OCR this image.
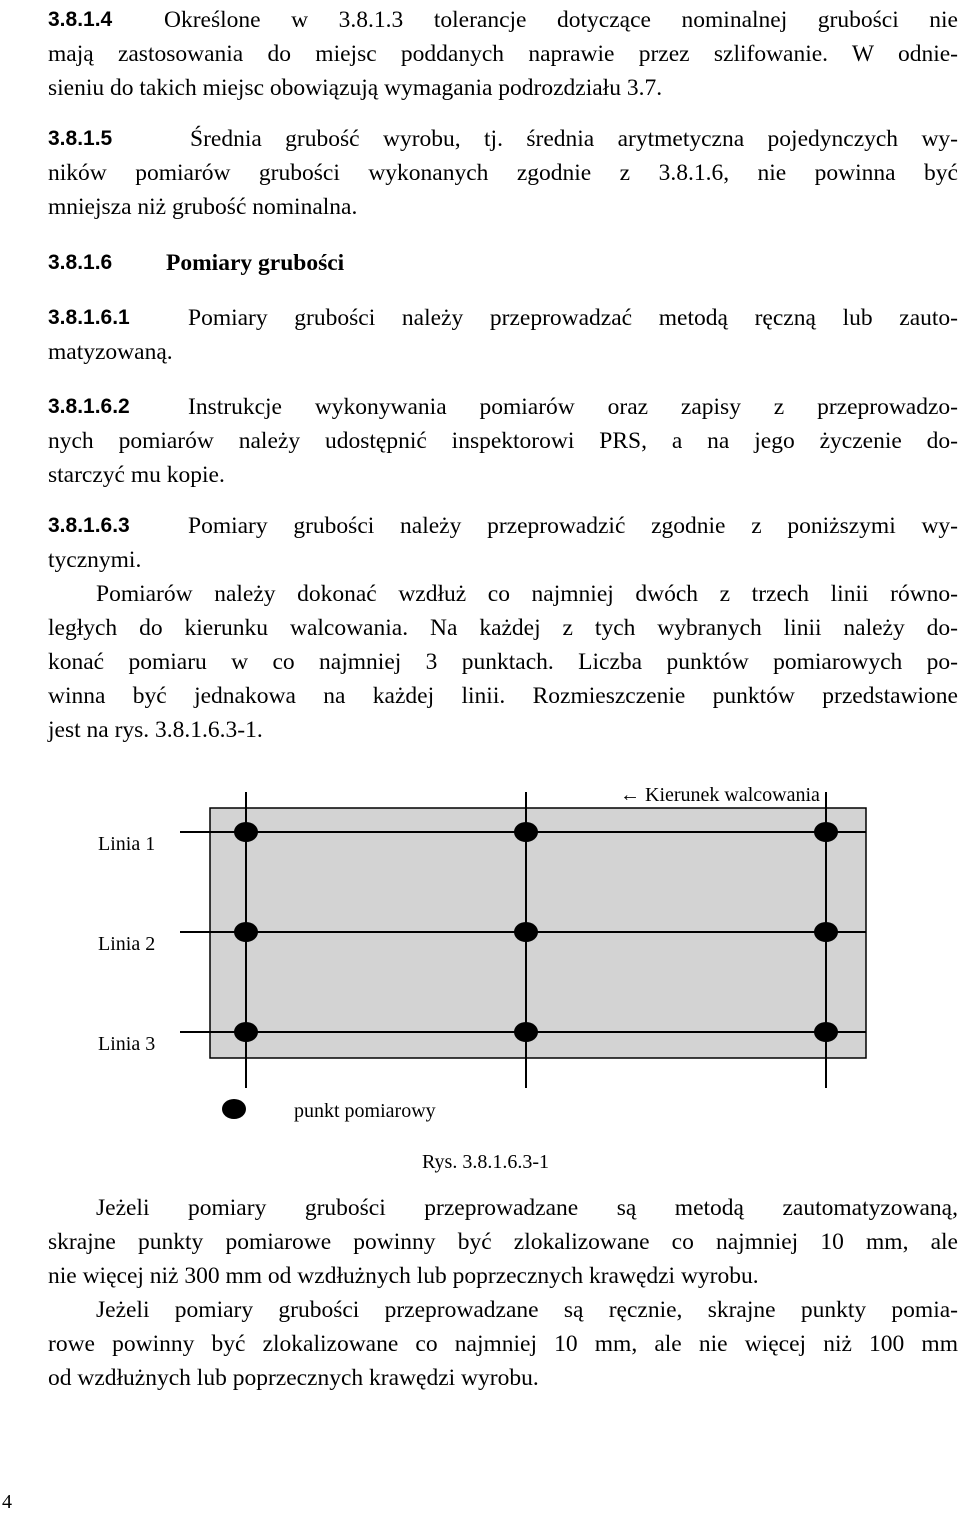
3.8.1.4 Określone w 3.8.1.3 tolerancje dotyczące nominalnej grubości nie
mają zastosowania do miejsc poddanych naprawie przez szlifowanie. W odnie-
sieniu do takich miejsc obowiązują wymagania podrozdziału 3.7.
3.8.1.5	Średnia grubość wyrobu, tj. średnia arytmetyczna pojedynczych wy-
ników pomiarów grubości wykonanych zgodnie z 3.8.1.6, nie powinna być
mniejsza niż grubość nominalna.
3.8.1.6 Pomiary grubości
3.8.1.6.1 Pomiary grubości należy przeprowadzać metodą ręczną lub zauto-
matyzowaną.
3.8.1.6.2 Instrukcje wykonywania pomiarów oraz zapisy z przeprowadzo-
nych pomiarów należy udostępnić inspektorowi PRS, a na jego życzenie do-
starczyć mu kopie.
3.8.1.6.3 Pomiary grubości należy przeprowadzić zgodnie z poniższymi wy-
tycznymi.
Pomiarów należy dokonać wzdłuż co najmniej dwóch z trzech linii równo-
ległych do kierunku walcowania. Na każdej z tych wybranych linii należy do-
konać pomiaru w co najmniej 3 punktach. Liczba punktów pomiarowych po-
winna być jednakowa na każdej linii. Rozmieszczenie punktów przedstawione
jest na rys. 3.8.1.6.3-1.
← Kierunek walcowania
Linia 1
Linia 2
Linia 3
punkt pomiarowy
Rys. 3.8.1.6.3-1
Jeżeli pomiary grubości przeprowadzane są metodą zautomatyzowaną,
skrajne punkty pomiarowe powinny być zlokalizowane co najmniej 10 mm, ale
nie więcej niż 300 mm od wzdłużnych lub poprzecznych krawędzi wyrobu.
Jeżeli pomiary grubości przeprowadzane są ręcznie, skrajne punkty pomia-
rowe powinny być zlokalizowane co najmniej 10 mm, ale nie więcej niż 100 mm
od wzdłużnych lub poprzecznych krawędzi wyrobu.
4
